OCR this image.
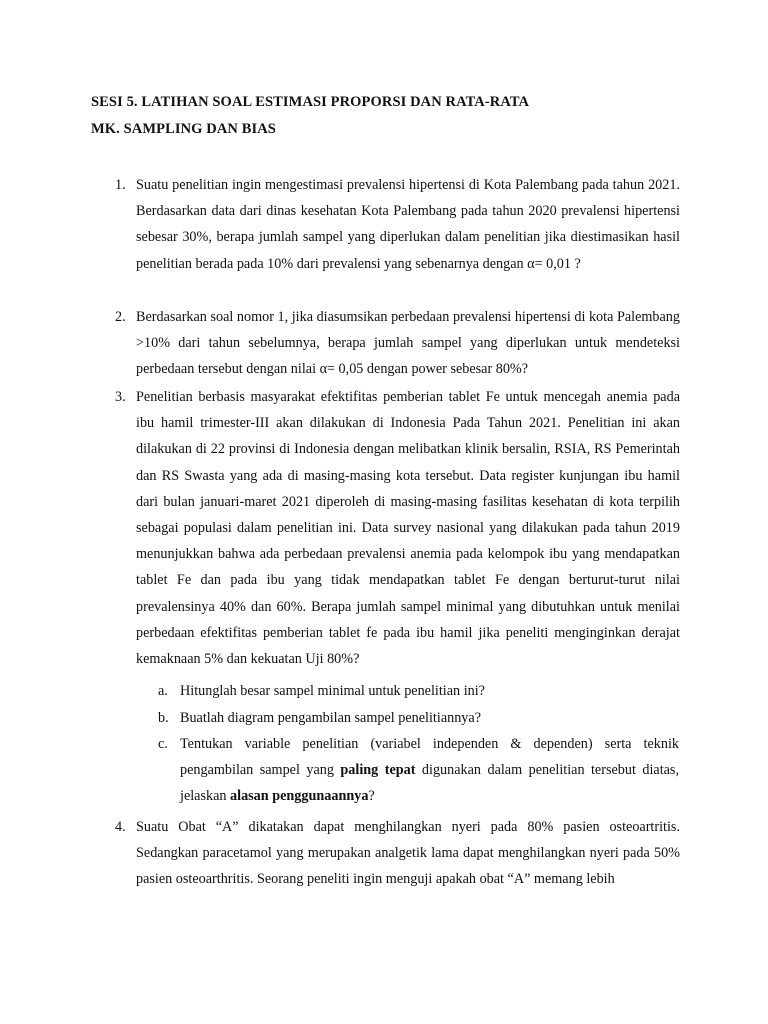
SESI 5. LATIHAN SOAL ESTIMASI PROPORSI DAN RATA-RATA
MK. SAMPLING DAN BIAS
1. Suatu penelitian ingin mengestimasi prevalensi hipertensi di Kota Palembang pada tahun 2021. Berdasarkan data dari dinas kesehatan Kota Palembang pada tahun 2020 prevalensi hipertensi sebesar 30%, berapa jumlah sampel yang diperlukan dalam penelitian jika diestimasikan hasil penelitian berada pada 10% dari prevalensi yang sebenarnya dengan α= 0,01 ?
2. Berdasarkan soal nomor 1, jika diasumsikan perbedaan prevalensi hipertensi di kota Palembang >10% dari tahun sebelumnya, berapa jumlah sampel yang diperlukan untuk mendeteksi perbedaan tersebut dengan nilai α= 0,05 dengan power sebesar 80%?
3. Penelitian berbasis masyarakat efektifitas pemberian tablet Fe untuk mencegah anemia pada ibu hamil trimester-III akan dilakukan di Indonesia Pada Tahun 2021. Penelitian ini akan dilakukan di 22 provinsi di Indonesia dengan melibatkan klinik bersalin, RSIA, RS Pemerintah dan RS Swasta yang ada di masing-masing kota tersebut. Data register kunjungan ibu hamil dari bulan januari-maret 2021 diperoleh di masing-masing fasilitas kesehatan di kota terpilih sebagai populasi dalam penelitian ini. Data survey nasional yang dilakukan pada tahun 2019 menunjukkan bahwa ada perbedaan prevalensi anemia pada kelompok ibu yang mendapatkan tablet Fe dan pada ibu yang tidak mendapatkan tablet Fe dengan berturut-turut nilai prevalensinya 40% dan 60%. Berapa jumlah sampel minimal yang dibutuhkan untuk menilai perbedaan efektifitas pemberian tablet fe pada ibu hamil jika peneliti menginginkan derajat kemaknaan 5% dan kekuatan Uji 80%?
a. Hitunglah besar sampel minimal untuk penelitian ini?
b. Buatlah diagram pengambilan sampel penelitiannya?
c. Tentukan variable penelitian (variabel independen & dependen) serta teknik pengambilan sampel yang paling tepat digunakan dalam penelitian tersebut diatas, jelaskan alasan penggunaannya?
4. Suatu Obat “A” dikatakan dapat menghilangkan nyeri pada 80% pasien osteoartritis. Sedangkan paracetamol yang merupakan analgetik lama dapat menghilangkan nyeri pada 50% pasien osteoarthritis. Seorang peneliti ingin menguji apakah obat “A” memang lebih
